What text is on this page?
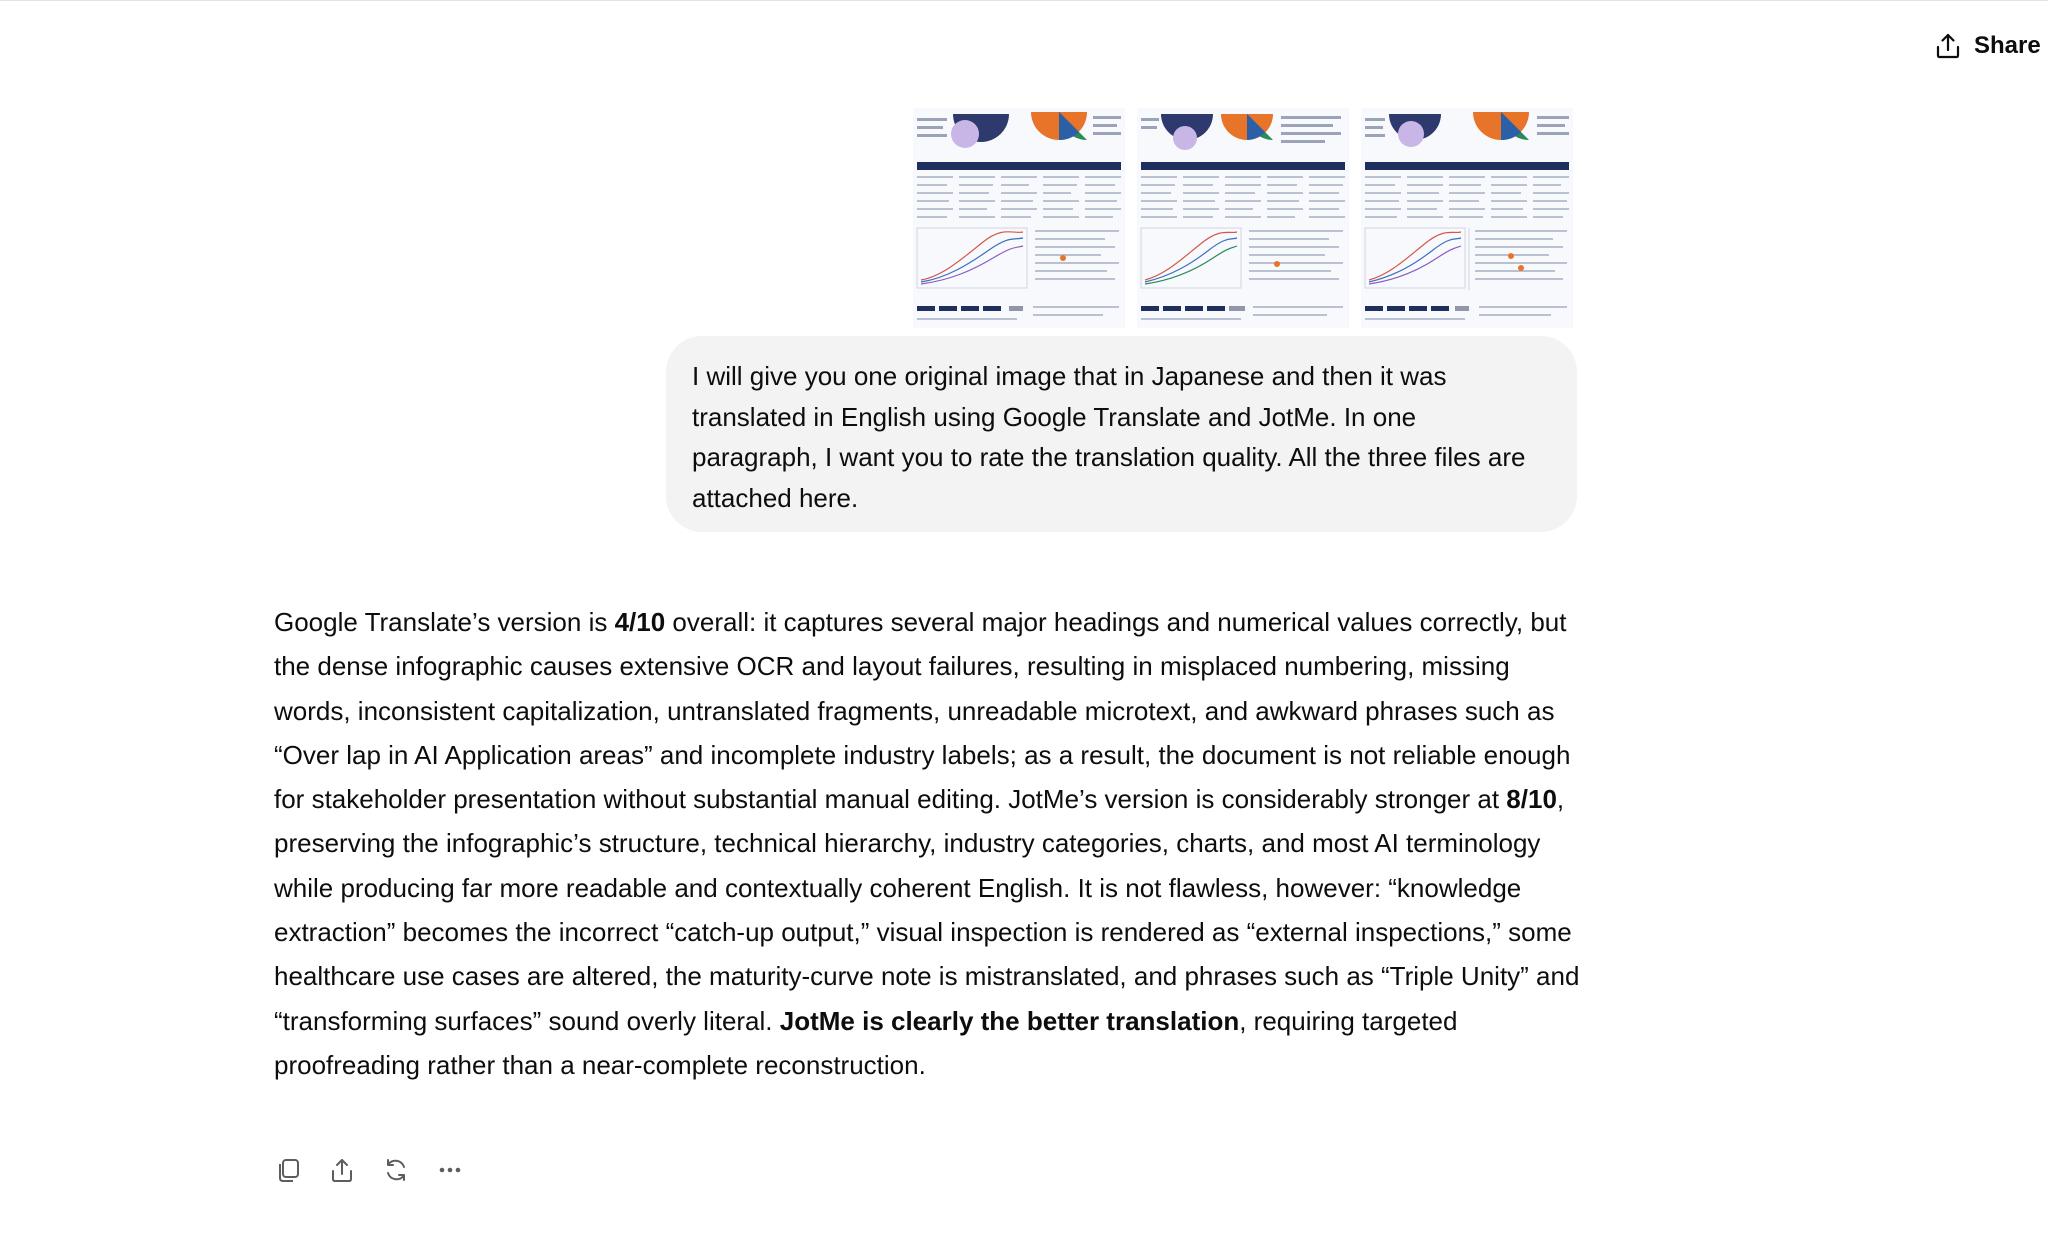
Share

I will give you one original image that in Japanese and then it was translated in English using Google Translate and JotMe. In one paragraph, I want you to rate the translation quality. All the three files are attached here.

Google Translate’s version is 4/10 overall: it captures several major headings and numerical values correctly, but the dense infographic causes extensive OCR and layout failures, resulting in misplaced numbering, missing words, inconsistent capitalization, untranslated fragments, unreadable microtext, and awkward phrases such as “Over lap in AI Application areas” and incomplete industry labels; as a result, the document is not reliable enough for stakeholder presentation without substantial manual editing. JotMe’s version is considerably stronger at 8/10, preserving the infographic’s structure, technical hierarchy, industry categories, charts, and most AI terminology while producing far more readable and contextually coherent English. It is not flawless, however: “knowledge extraction” becomes the incorrect “catch-up output,” visual inspection is rendered as “external inspections,” some healthcare use cases are altered, the maturity-curve note is mistranslated, and phrases such as “Triple Unity” and “transforming surfaces” sound overly literal. JotMe is clearly the better translation, requiring targeted proofreading rather than a near-complete reconstruction.
